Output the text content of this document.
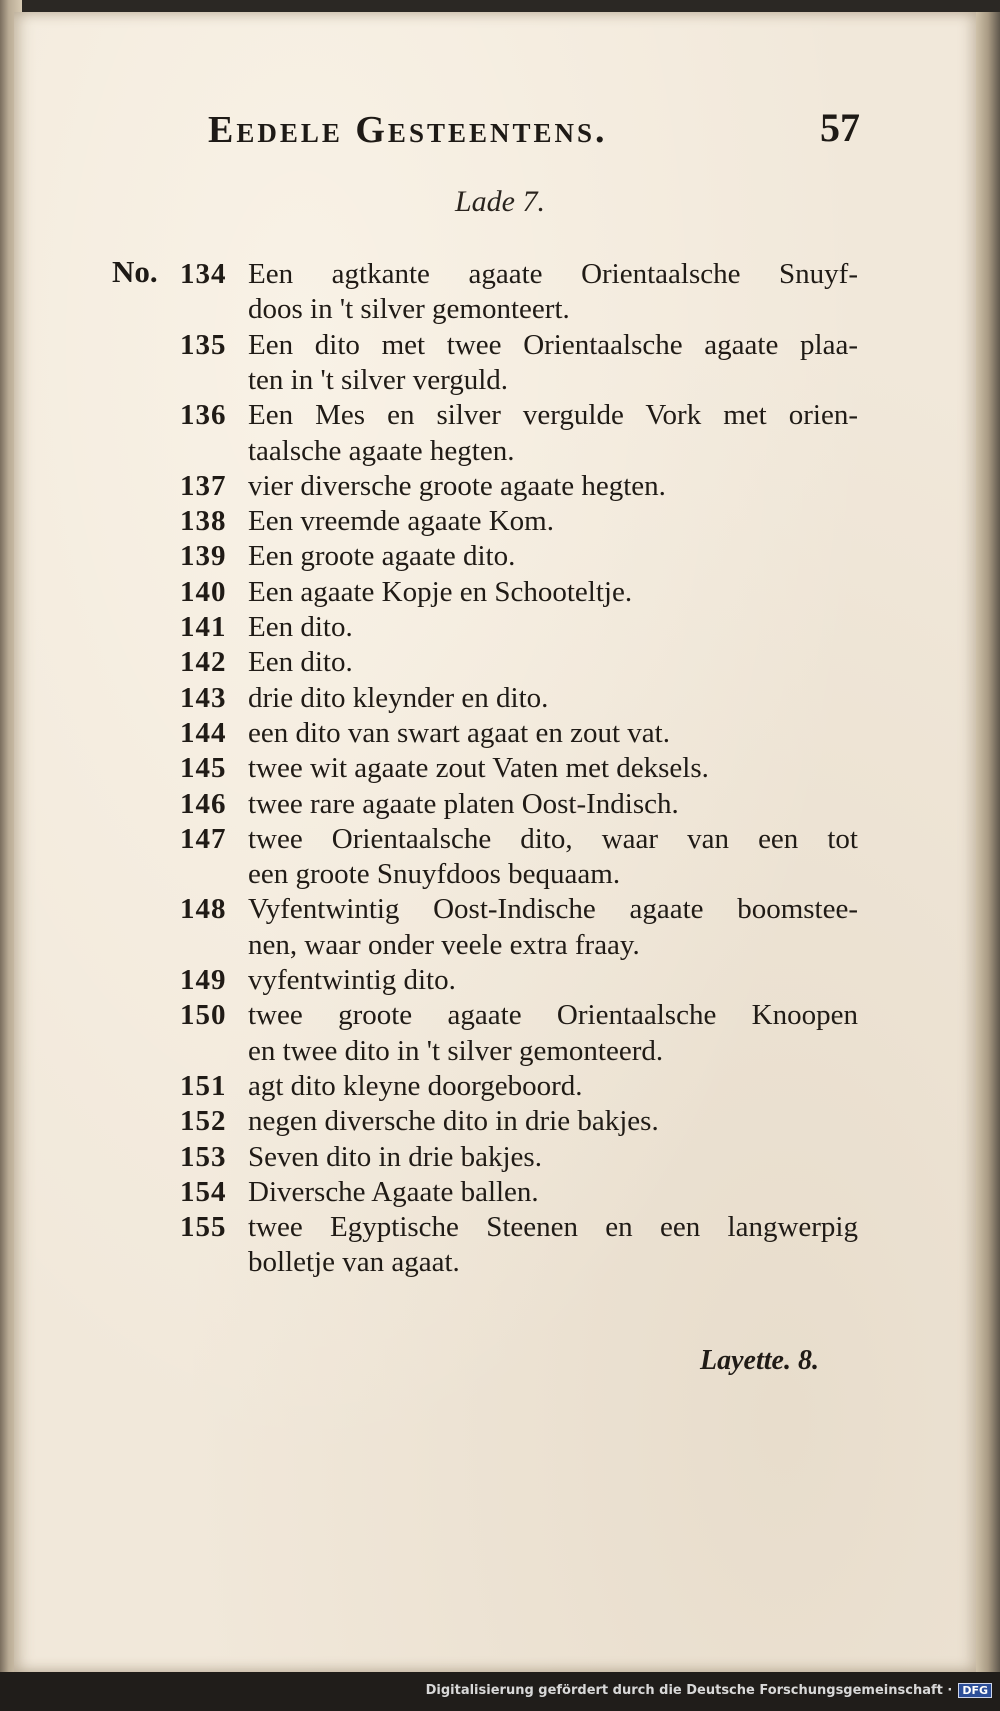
Eedele Gesteentens.	57
Lade 7.
No. 134 Een agtkante agaate Orientaalsche Snuyf-
doos in 't silver gemonteert.
135 Een dito met twee Orientaalsche agaate plaa-
ten in 't silver verguld.
136 Een Mes en silver vergulde Vork met orien-
taalsche agaate hegten.
137 vier diversche groote agaate hegten.
138 Een vreemde agaate Kom.
139 Een groote agaate dito.
140 Een agaate Kopje en Schooteltje.
141 Een dito.
142 Een dito.
143 drie dito kleynder en dito.
144 een dito van swart agaat en zout vat.
145 twee wit agaate zout Vaten met deksels.
146 twee rare agaate platen Oost-Indisch.
147 twee Orientaalsche dito, waar van een tot
een groote Snuyfdoos bequaam.
148 Vyfentwintig Oost-Indische agaate boomstee-
nen, waar onder veele extra fraay.
149 vyfentwintig dito.
150 twee groote agaate Orientaalsche Knoopen
en twee dito in 't silver gemonteerd.
151 agt dito kleyne doorgeboord.
152 negen diversche dito in drie bakjes.
153 Seven dito in drie bakjes.
154 Diversche Agaate ballen.
155 twee Egyptische Steenen en een langwerpig
bolletje van agaat.
Layette. 8.
Digitalisierung gefördert durch die Deutsche Forschungsgemeinschaft · DFG
